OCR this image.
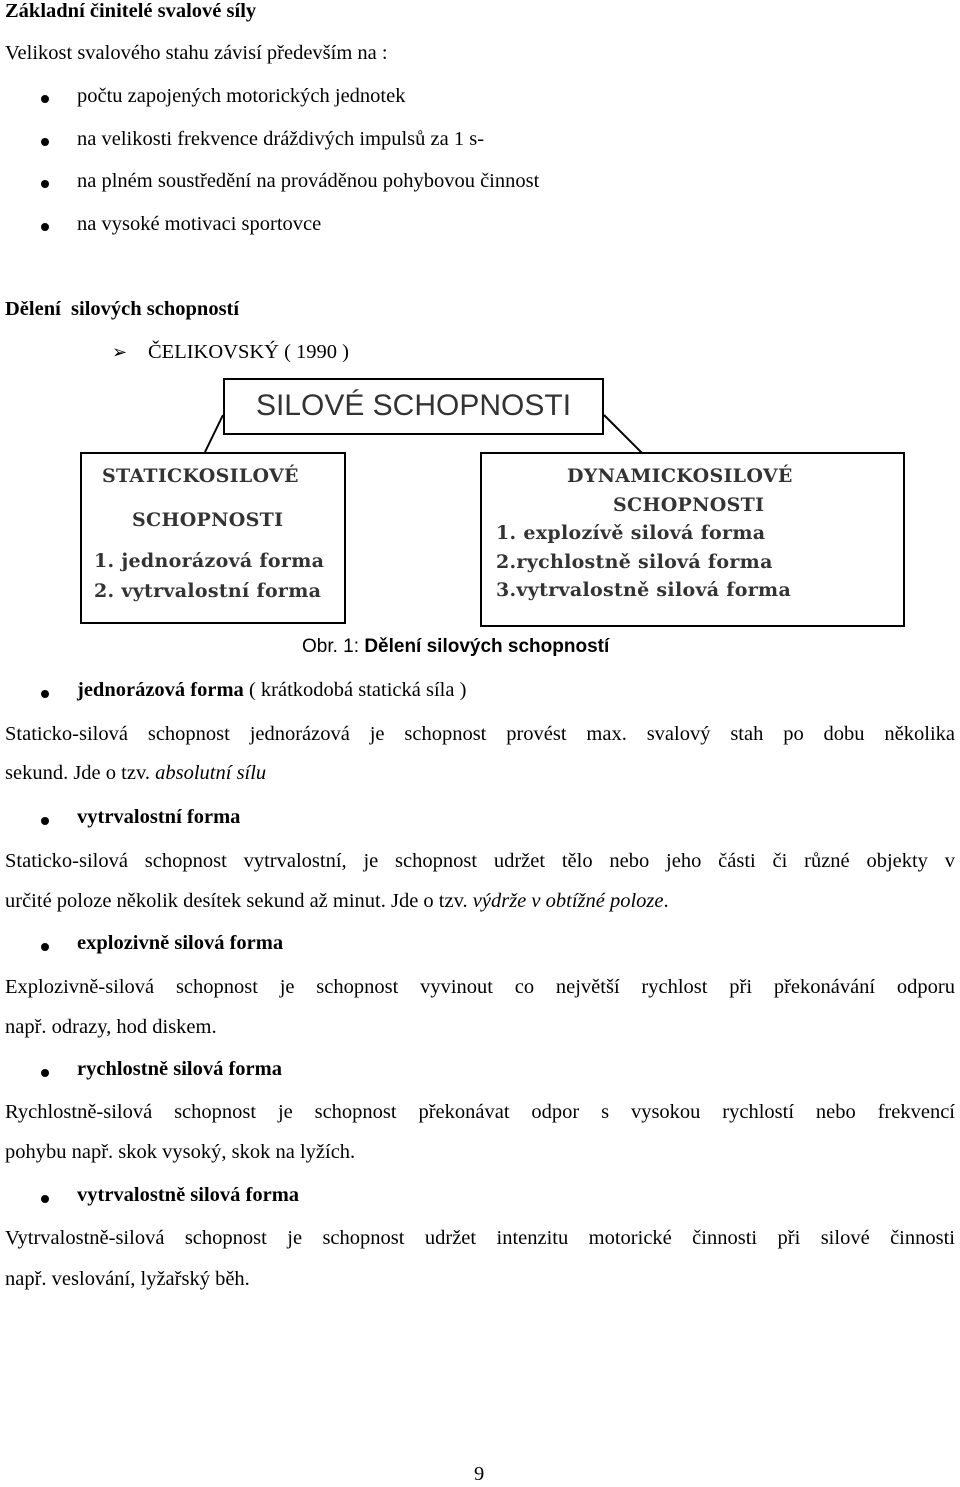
Základní činitelé svalové síly
Velikost svalového stahu závisí především na :
počtu zapojených motorických jednotek
na velikosti frekvence dráždivých impulsů za 1 s-
na plném soustředění na prováděnou pohybovou činnost
na vysoké motivaci sportovce
Dělení  silových schopností
➢ ČELIKOVSKÝ ( 1990 )
SILOVÉ SCHOPNOSTI
STATICKOSILOVÉ
SCHOPNOSTI
1. jednorázová forma
2. vytrvalostní forma
DYNAMICKOSILOVÉ
SCHOPNOSTI
1. explozívě silová forma
2.rychlostně silová forma
3.vytrvalostně silová forma
Obr. 1: Dělení silových schopností
jednorázová forma ( krátkodobá statická síla )
Staticko-silová schopnost jednorázová je schopnost provést max. svalový stah po dobu několika
sekund. Jde o tzv. absolutní sílu
vytrvalostní forma
Staticko-silová schopnost vytrvalostní, je schopnost udržet tělo nebo jeho části či různé objekty v
určité poloze několik desítek sekund až minut. Jde o tzv. výdrže v obtížné poloze.
explozivně silová forma
Explozivně-silová schopnost je schopnost vyvinout co největší rychlost při překonávání odporu
např. odrazy, hod diskem.
rychlostně silová forma
Rychlostně-silová schopnost je schopnost překonávat odpor s vysokou rychlostí nebo frekvencí
pohybu např. skok vysoký, skok na lyžích.
vytrvalostně silová forma
Vytrvalostně-silová schopnost je schopnost udržet intenzitu motorické činnosti při silové činnosti
např. veslování, lyžařský běh.
9
